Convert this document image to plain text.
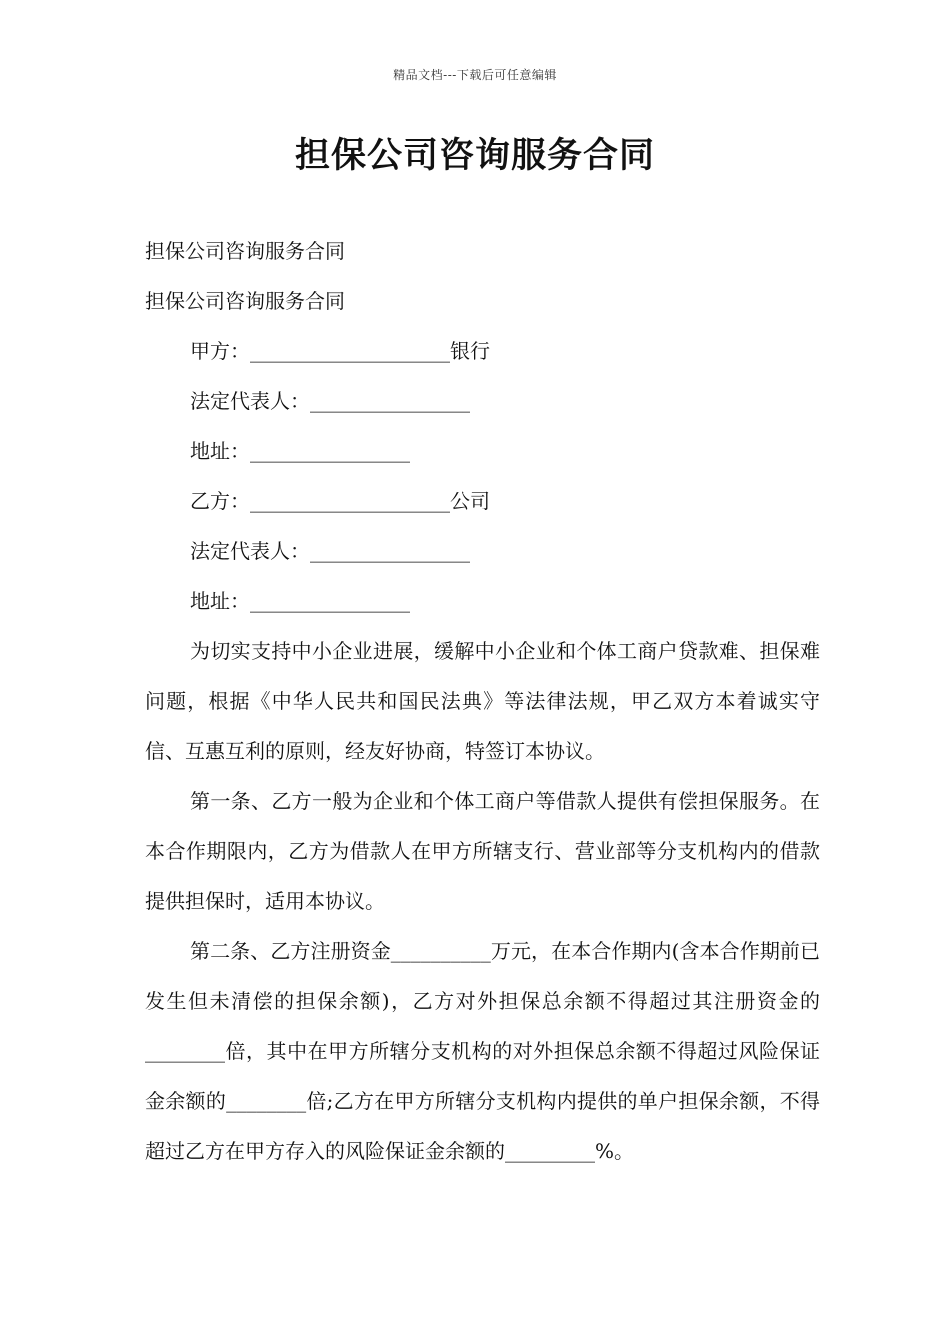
精品文档---下载后可任意编辑
担保公司咨询服务合同
担保公司咨询服务合同
担保公司咨询服务合同
甲方：____________________银行
法定代表人：________________
地址：________________
乙方：____________________公司
法定代表人：________________
地址：________________
为切实支持中小企业进展，缓解中小企业和个体工商户贷款难、担保难问题，根据《中华人民共和国民法典》等法律法规，甲乙双方本着诚实守信、互惠互利的原则，经友好协商，特签订本协议。
第一条、乙方一般为企业和个体工商户等借款人提供有偿担保服务。在本合作期限内，乙方为借款人在甲方所辖支行、营业部等分支机构内的借款提供担保时，适用本协议。
第二条、乙方注册资金__________万元，在本合作期内(含本合作期前已发生但未清偿的担保余额)，乙方对外担保总余额不得超过其注册资金的________倍，其中在甲方所辖分支机构的对外担保总余额不得超过风险保证金余额的________倍;乙方在甲方所辖分支机构内提供的单户担保余额，不得超过乙方在甲方存入的风险保证金余额的_________%。
